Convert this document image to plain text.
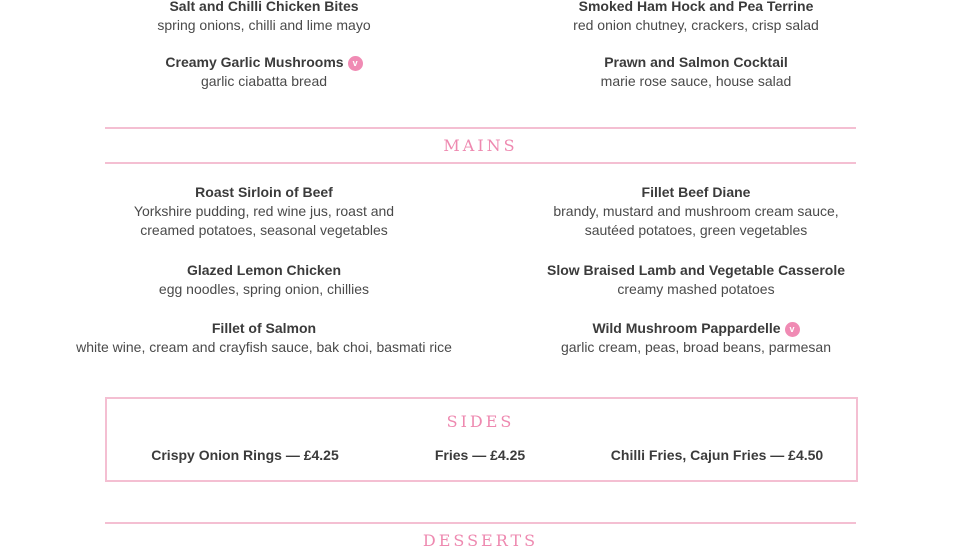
Salt and Chilli Chicken Bites
spring onions, chilli and lime mayo
Smoked Ham Hock and Pea Terrine
red onion chutney, crackers, crisp salad
Creamy Garlic Mushrooms v
garlic ciabatta bread
Prawn and Salmon Cocktail
marie rose sauce, house salad
MAINS
Roast Sirloin of Beef
Yorkshire pudding, red wine jus, roast and
creamed potatoes, seasonal vegetables
Glazed Lemon Chicken
egg noodles, spring onion, chillies
Fillet of Salmon
white wine, cream and crayfish sauce, bak choi, basmati rice
Fillet Beef Diane
brandy, mustard and mushroom cream sauce,
sautéed potatoes, green vegetables
Slow Braised Lamb and Vegetable Casserole
creamy mashed potatoes
Wild Mushroom Pappardelle v
garlic cream, peas, broad beans, parmesan
SIDES
Crispy Onion Rings — £4.25	Fries — £4.25	Chilli Fries, Cajun Fries — £4.50
DESSERTS
